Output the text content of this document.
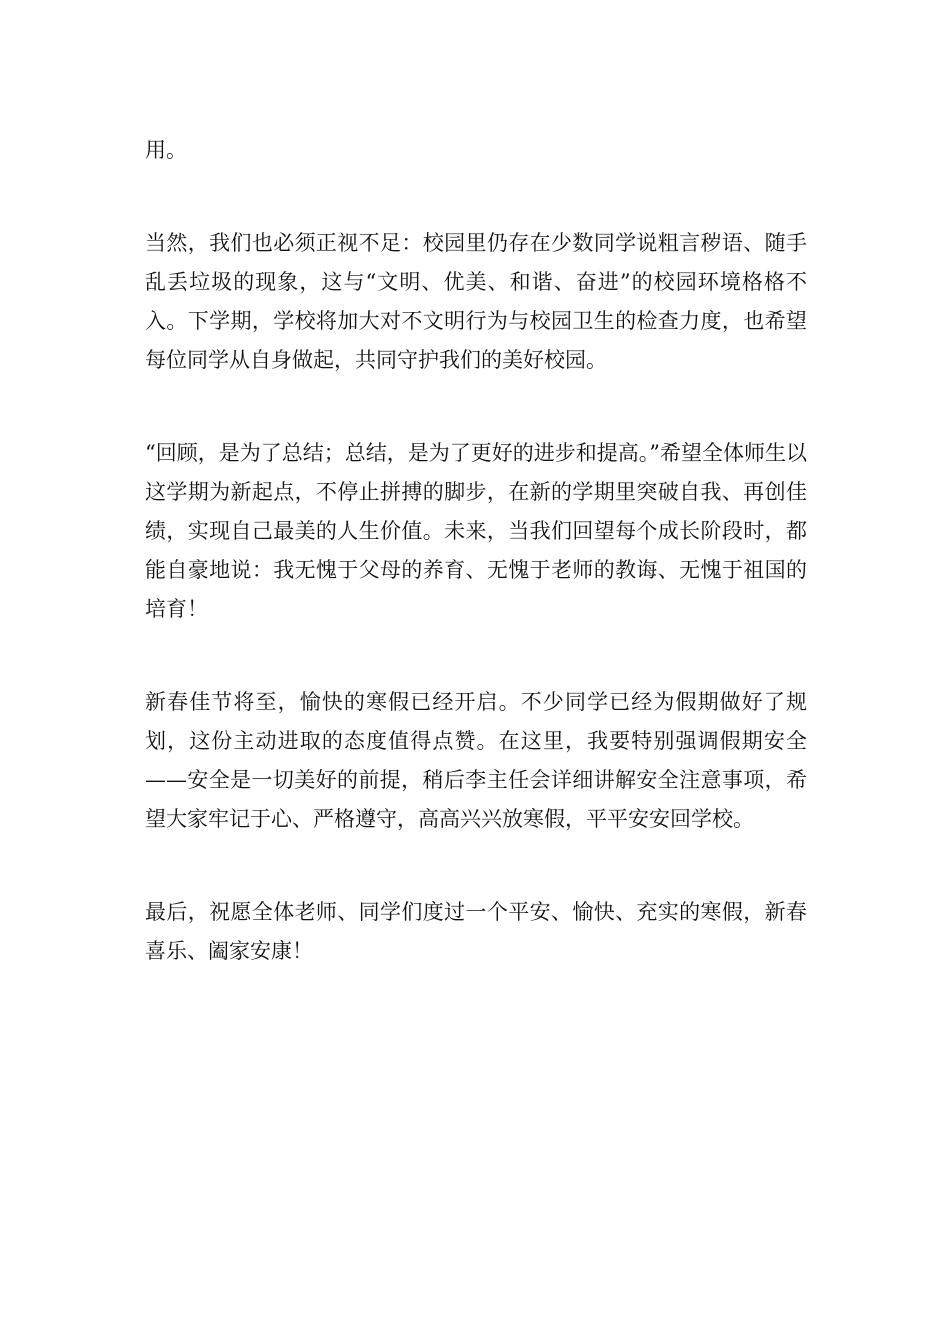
用。

当然，我们也必须正视不足：校园里仍存在少数同学说粗言秽语、随手乱丢垃圾的现象，这与“文明、优美、和谐、奋进”的校园环境格格不入。下学期，学校将加大对不文明行为与校园卫生的检查力度，也希望每位同学从自身做起，共同守护我们的美好校园。

“回顾，是为了总结；总结，是为了更好的进步和提高。”希望全体师生以这学期为新起点，不停止拼搏的脚步，在新的学期里突破自我、再创佳绩，实现自己最美的人生价值。未来，当我们回望每个成长阶段时，都能自豪地说：我无愧于父母的养育、无愧于老师的教诲、无愧于祖国的培育！

新春佳节将至，愉快的寒假已经开启。不少同学已经为假期做好了规划，这份主动进取的态度值得点赞。在这里，我要特别强调假期安全——安全是一切美好的前提，稍后李主任会详细讲解安全注意事项，希望大家牢记于心、严格遵守，高高兴兴放寒假，平平安安回学校。

最后，祝愿全体老师、同学们度过一个平安、愉快、充实的寒假，新春喜乐、阖家安康！
